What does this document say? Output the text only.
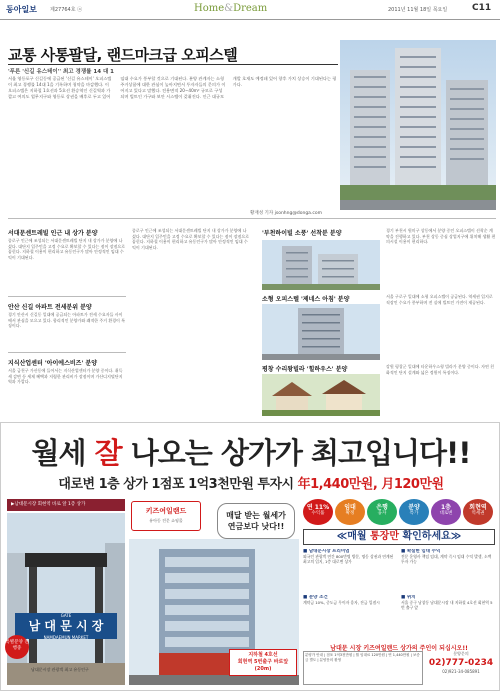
동아일보	제27764호 ⓐ	Home&Dream	2011년 11월 18일 목요일	C11
교통 사통팔달, 랜드마크급 오피스텔
'푸른 '신길 유스테이'' 최고 경쟁률 14 대 1
서울 영등포구 신길동에 공급된 '신길 유스테이' 오피스텔이 최고 경쟁률 14대 1을 기록하며 청약을 마감했다. 이 오피스텔은 지하철 1호선과 5호선 환승역인 신길역과 가깝고 여의도 업무지구와 영등포 상권을 배후로 두고 있어 임대 수요가 풍부할 것으로 기대된다. 분양 관계자는 소형 주거상품에 대한 관심이 높아지면서 투자자들의 문의가 이어지고 있다고 말했다. 전용면적 20∼40m² 규모로 구성되며 빌트인 가구와 보안 시스템이 갖춰진다. 인근 대규모 개발 호재도 예정돼 있어 향후 가치 상승이 기대된다는 평가다.
황재성 기자 jsonhng@donga.com
서대문센트레빌 인근 내 상가 분양
종로구 인근에 조성되는 서대문센트레빌 단지 내 상가가 분양에 나섰다. 대단지 입주민을 고정 수요로 확보할 수 있다는 점이 장점으로 꼽힌다. 지하철 이용이 편리하고 유동인구가 많아 안정적인 임대 수익이 기대된다.
안산 신길 아파트 전세분위 분양
경기 안산시 신길동 일대에 공급되는 아파트가 전세 수요자들 사이에서 관심을 모으고 있다. 합리적인 분양가와 쾌적한 주거 환경이 특징이다.
지식산업센터 '아이에스비즈' 분양
서울 금천구 가산동에 들어서는 지식산업센터가 분양 중이다. 취득세 감면 등 세제 혜택과 저렴한 관리비가 장점이며 가산디지털단지역과 가깝다.
종로구 인근에 조성되는 서대문센트레빌 단지 내 상가가 분양에 나섰다. 대단지 입주민을 고정 수요로 확보할 수 있다는 점이 장점으로 꼽힌다. 지하철 이용이 편리하고 유동인구가 많아 안정적인 임대 수익이 기대된다.
'부천하이빌 소풍' 선착분 분양
소형 오피스텔 '제네스 아침' 분양
평창 수리왕빌라 '힐하우스' 분양
경기 부천시 원미구 상동에서 분양 중인 오피스텔이 선착순 계약을 진행하고 있다. 부천 상동 중심 상업지구에 위치해 생활 편의시설 이용이 편리하다.
서울 구로구 일대에 소형 오피스텔이 공급된다. 역세권 입지로 직장인 수요가 풍부하며 전 실에 빌트인 가전이 제공된다.
강원 평창군 일대에 타운하우스형 빌라가 분양 중이다. 자연 친화적인 단지 설계와 넓은 정원이 특징이다.
월세 잘 나오는 상가가 최고입니다!!
대로변 1층 상가 1점포 1억3천만원 투자시 年1,440만원, 月120만원
▶남대문시장 회현역 바로 앞 1층 상가
GATE
남 대 문 시 장
NAMDAEMUN MARKET
특별분양 진행중
남대문시장 관광객 최고 유동인구
키즈여일랜드
유아동 전문 쇼핑몰
매달 받는 월세가
연금보다 낫다!!
지하철 4호선
회현역 5번출구 바로앞(20m)
연 11%
수익률
임대
확정
은행
융자
분양
특가
1층
대로변
회현역
역세권
≪매월 통장만 확인하세요≫
■ 남대문시장 프리미엄
외국인 관광객 연간 800만명 방문, 명동 상권과 연계된 최고의 입지, 1층 대로변 상가
■ 확실한 임대 수익
전문 운영사 책임 임대, 계약 즉시 임대 수익 발생, 소액 투자 가능
■ 분양 조건
계약금 10%, 중도금 무이자 융자, 잔금 입점시
■ 위치
서울 중구 남창동 남대문시장 내 지하철 4호선 회현역 5번 출구 앞
남대문 시장 키즈여일랜드 상가의 주인이 되십시오!!
분양가 안내 | 점포 1억3천만원 | 월 임대료 120만원 | 연 1,440만원 | 보증금 별도 | 분양문의 환영
분양문의
02)777-0234
02)921-34-085891
